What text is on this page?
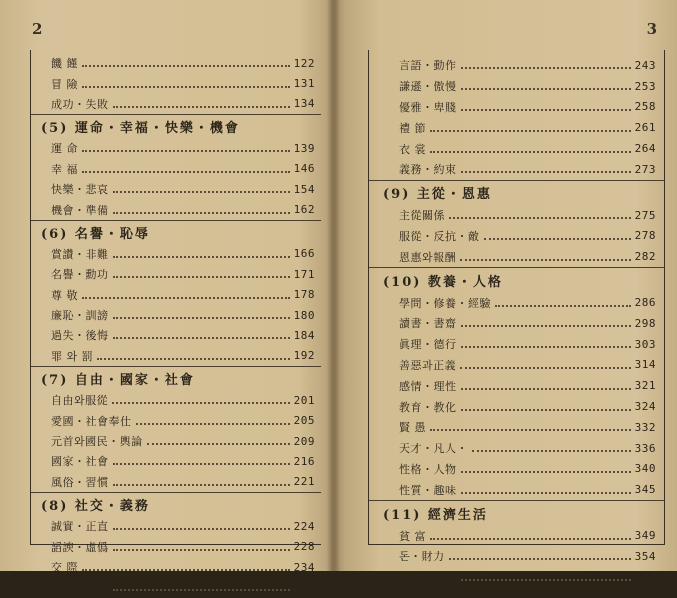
2
饑 饉	122
冒 險	131
成功・失敗	134
(5) 運命・幸福・快樂・機會
運 命	139
幸 福	146
快樂・悲哀	154
機會・準備	162
(6) 名譽・恥辱
賞讚・非難	166
名譽・勳功	171
尊 敬	178
廉恥・訓謗	180
過失・後悔	184
罪 와 罰	192
(7) 自由・國家・社會
自由와服從	201
愛國・社會奉仕	205
元首와國民・輿論	209
國家・社會	216
風俗・習慣	221
(8) 社交・義務
誠實・正直	224
謟諛・虛僞	228
交 際	234
人事・愛嬌	240
3
言語・動作	243
謙遜・傲慢	253
優雅・卑賤	258
禮 節	261
衣 裳	264
義務・約束	273
(9) 主從・恩惠
主從關係	275
服從・反抗・敵	278
恩惠와報酬	282
(10) 教養・人格
學問・修養・經驗	286
讀書・書齋	298
眞理・德行	303
善惡과正義	314
感情・理性	321
教育・教化	324
賢 愚	332
天才・凡人・	336
性格・人物	340
性質・趣味	345
(11) 經濟生活
貧 富	349
돈・財力	354
節約・浪費	369
